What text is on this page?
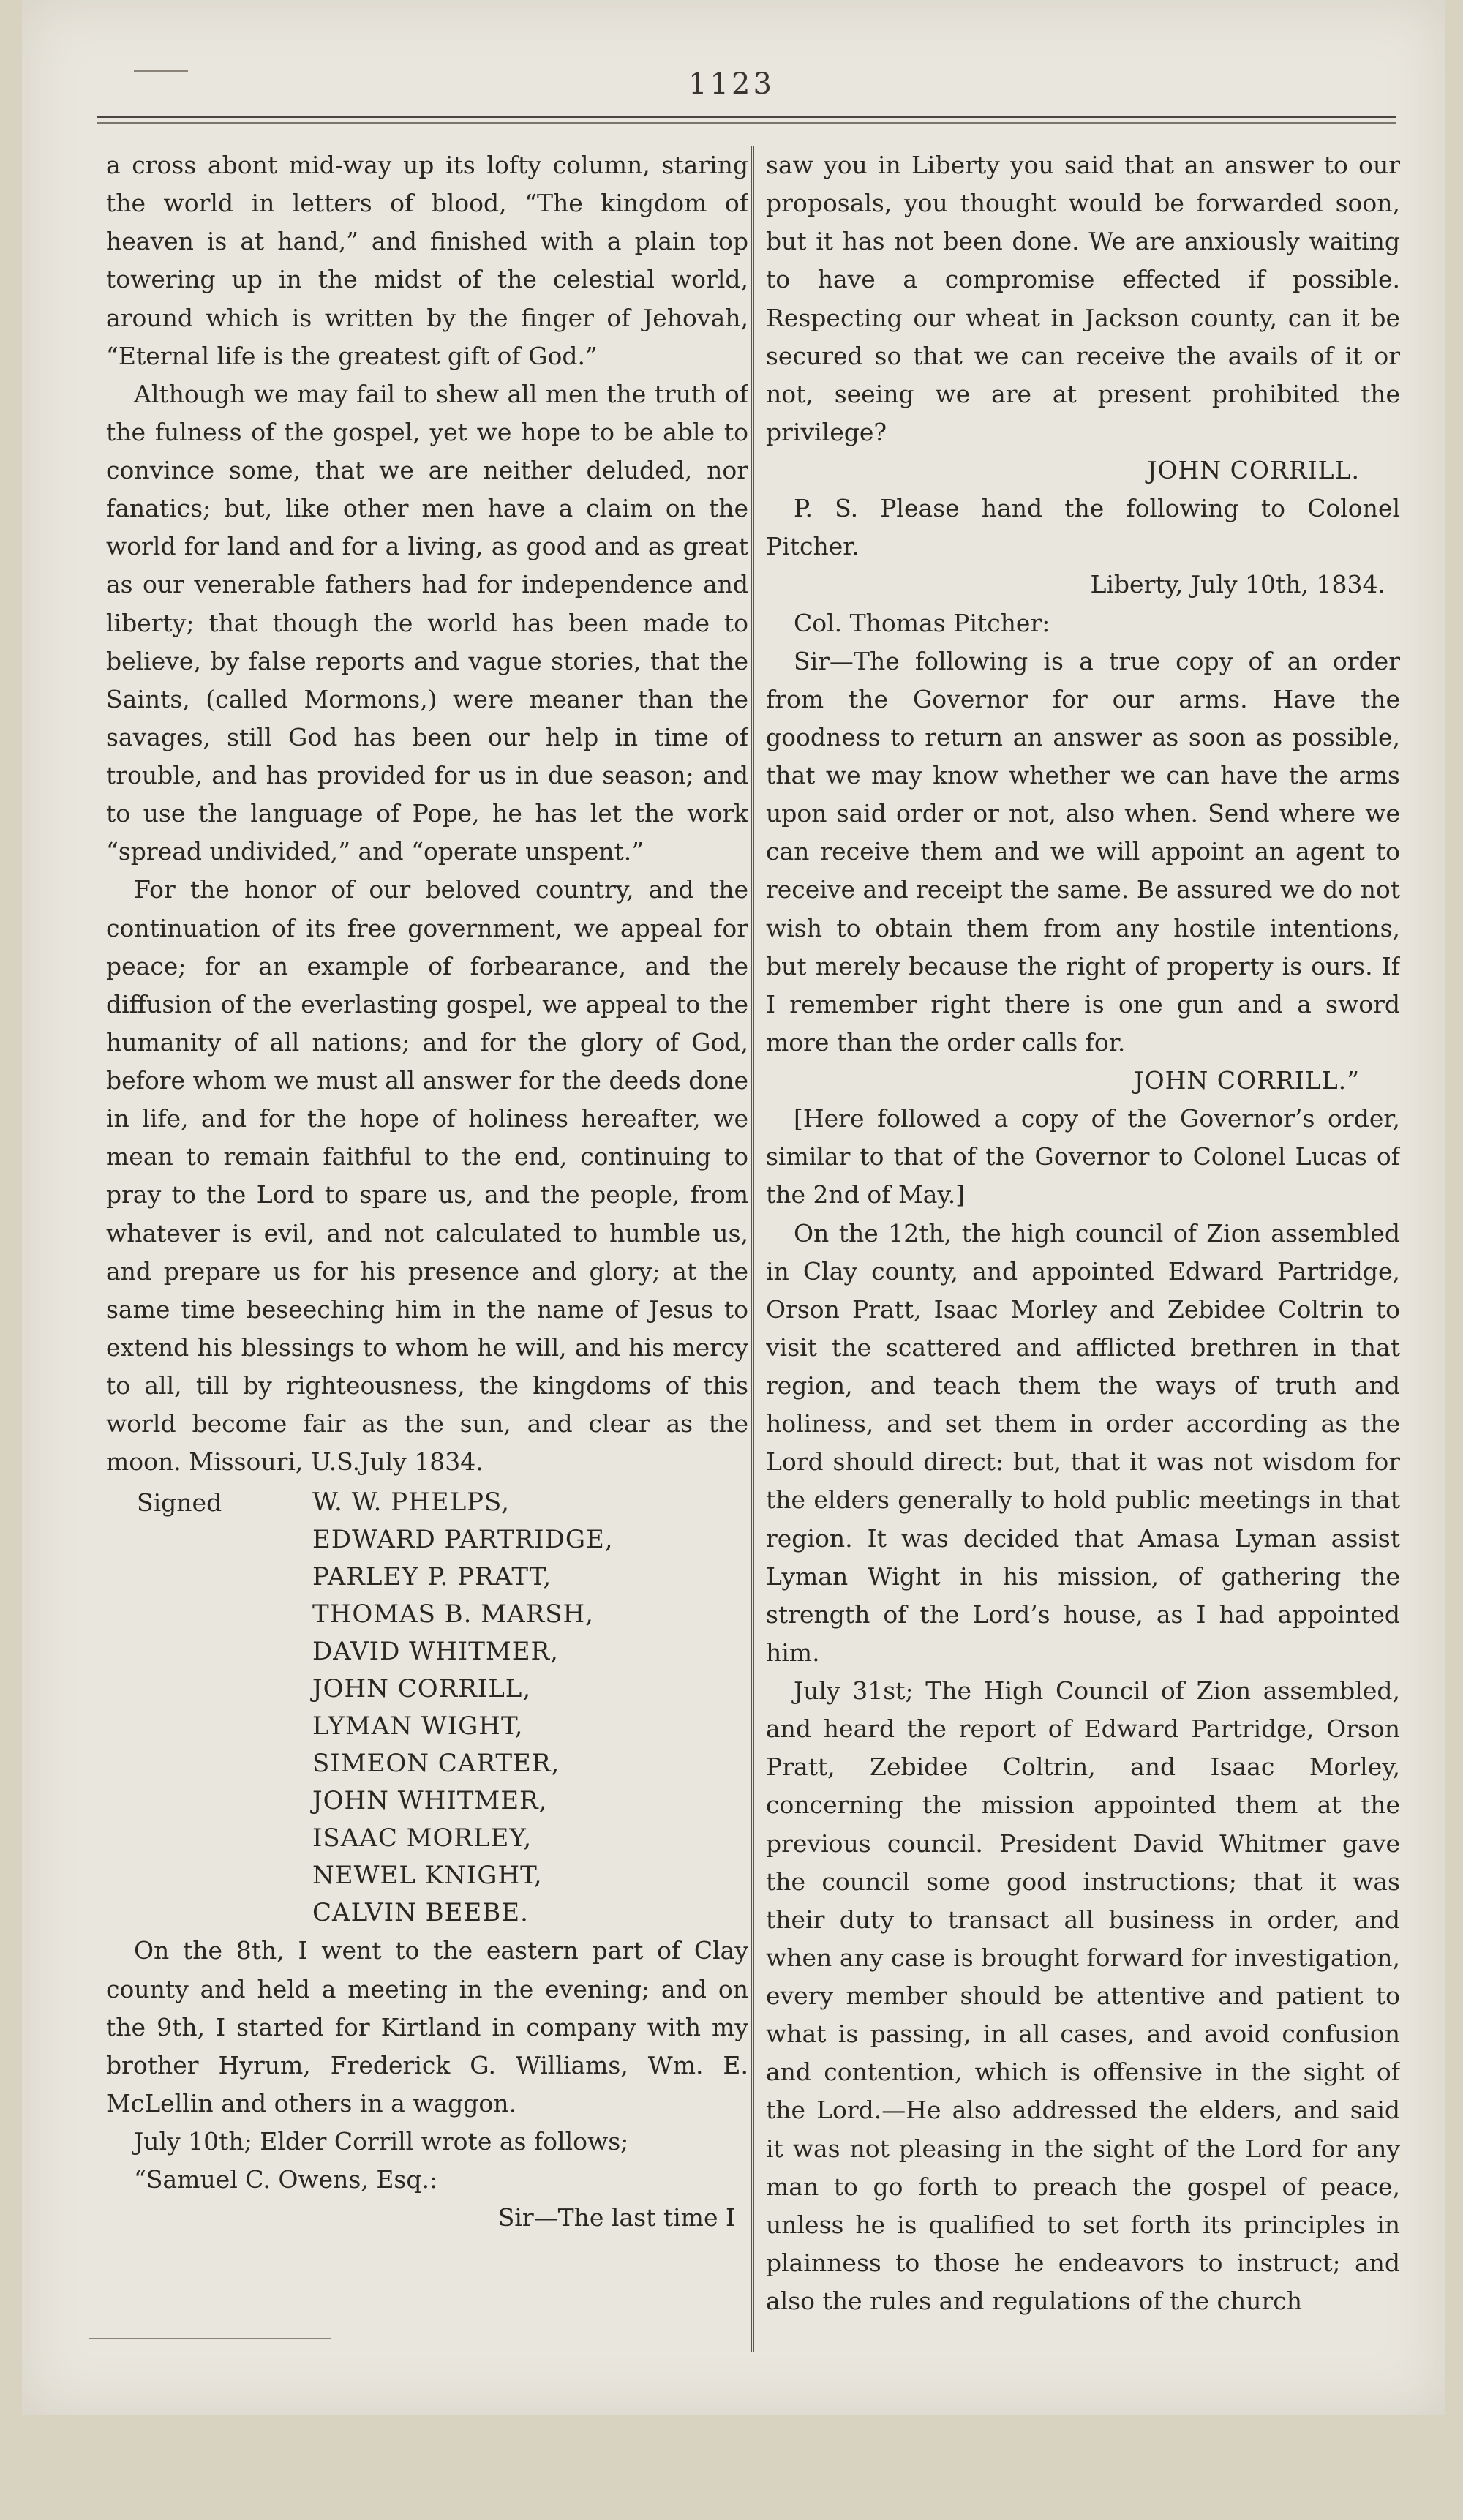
1123

a cross abont mid-way up its lofty column, staring the world in letters of blood, “The kingdom of heaven is at hand,” and finished with a plain top towering up in the midst of the celestial world, around which is written by the finger of Jehovah, “Eternal life is the greatest gift of God.”

Although we may fail to shew all men the truth of the fulness of the gospel, yet we hope to be able to convince some, that we are neither deluded, nor fanatics; but, like other men have a claim on the world for land and for a living, as good and as great as our venerable fathers had for independence and liberty; that though the world has been made to believe, by false reports and vague stories, that the Saints, (called Mormons,) were meaner than the savages, still God has been our help in time of trouble, and has provided for us in due season; and to use the language of Pope, he has let the work “spread undivided,” and “operate unspent.”

For the honor of our beloved country, and the continuation of its free government, we appeal for peace; for an example of forbearance, and the diffusion of the everlasting gospel, we appeal to the humanity of all nations; and for the glory of God, before whom we must all answer for the deeds done in life, and for the hope of holiness hereafter, we mean to remain faithful to the end, continuing to pray to the Lord to spare us, and the people, from whatever is evil, and not calculated to humble us, and prepare us for his presence and glory; at the same time beseeching him in the name of Jesus to extend his blessings to whom he will, and his mercy to all, till by righteousness, the kingdoms of this world become fair as the sun, and clear as the moon. Missouri, U.S.July 1834.

Signed	W. W. PHELPS,
EDWARD PARTRIDGE,
PARLEY P. PRATT,
THOMAS B. MARSH,
DAVID WHITMER,
JOHN CORRILL,
LYMAN WIGHT,
SIMEON CARTER,
JOHN WHITMER,
ISAAC MORLEY,
NEWEL KNIGHT,
CALVIN BEEBE.

On the 8th, I went to the eastern part of Clay county and held a meeting in the evening; and on the 9th, I started for Kirtland in company with my brother Hyrum, Frederick G. Williams, Wm. E. McLellin and others in a waggon.

July 10th; Elder Corrill wrote as follows;

“Samuel C. Owens, Esq.:

Sir—The last time I

saw you in Liberty you said that an answer to our proposals, you thought would be forwarded soon, but it has not been done. We are anxiously waiting to have a compromise effected if possible. Respecting our wheat in Jackson county, can it be secured so that we can receive the avails of it or not, seeing we are at present prohibited the privilege?

JOHN CORRILL.

P. S. Please hand the following to Colonel Pitcher.

Liberty, July 10th, 1834.

Col. Thomas Pitcher:

Sir—The following is a true copy of an order from the Governor for our arms. Have the goodness to return an answer as soon as possible, that we may know whether we can have the arms upon said order or not, also when. Send where we can receive them and we will appoint an agent to receive and receipt the same. Be assured we do not wish to obtain them from any hostile intentions, but merely because the right of property is ours. If I remember right there is one gun and a sword more than the order calls for.

JOHN CORRILL.”

[Here followed a copy of the Governor’s order, similar to that of the Governor to Colonel Lucas of the 2nd of May.]

On the 12th, the high council of Zion assembled in Clay county, and appointed Edward Partridge, Orson Pratt, Isaac Morley and Zebidee Coltrin to visit the scattered and afflicted brethren in that region, and teach them the ways of truth and holiness, and set them in order according as the Lord should direct: but, that it was not wisdom for the elders generally to hold public meetings in that region. It was decided that Amasa Lyman assist Lyman Wight in his mission, of gathering the strength of the Lord’s house, as I had appointed him.

July 31st; The High Council of Zion assembled, and heard the report of Edward Partridge, Orson Pratt, Zebidee Coltrin, and Isaac Morley, concerning the mission appointed them at the previous council. President David Whitmer gave the council some good instructions; that it was their duty to transact all business in order, and when any case is brought forward for investigation, every member should be attentive and patient to what is passing, in all cases, and avoid confusion and contention, which is offensive in the sight of the Lord.—He also addressed the elders, and said it was not pleasing in the sight of the Lord for any man to go forth to preach the gospel of peace, unless he is qualified to set forth its principles in plainness to those he endeavors to instruct; and also the rules and regulations of the church
